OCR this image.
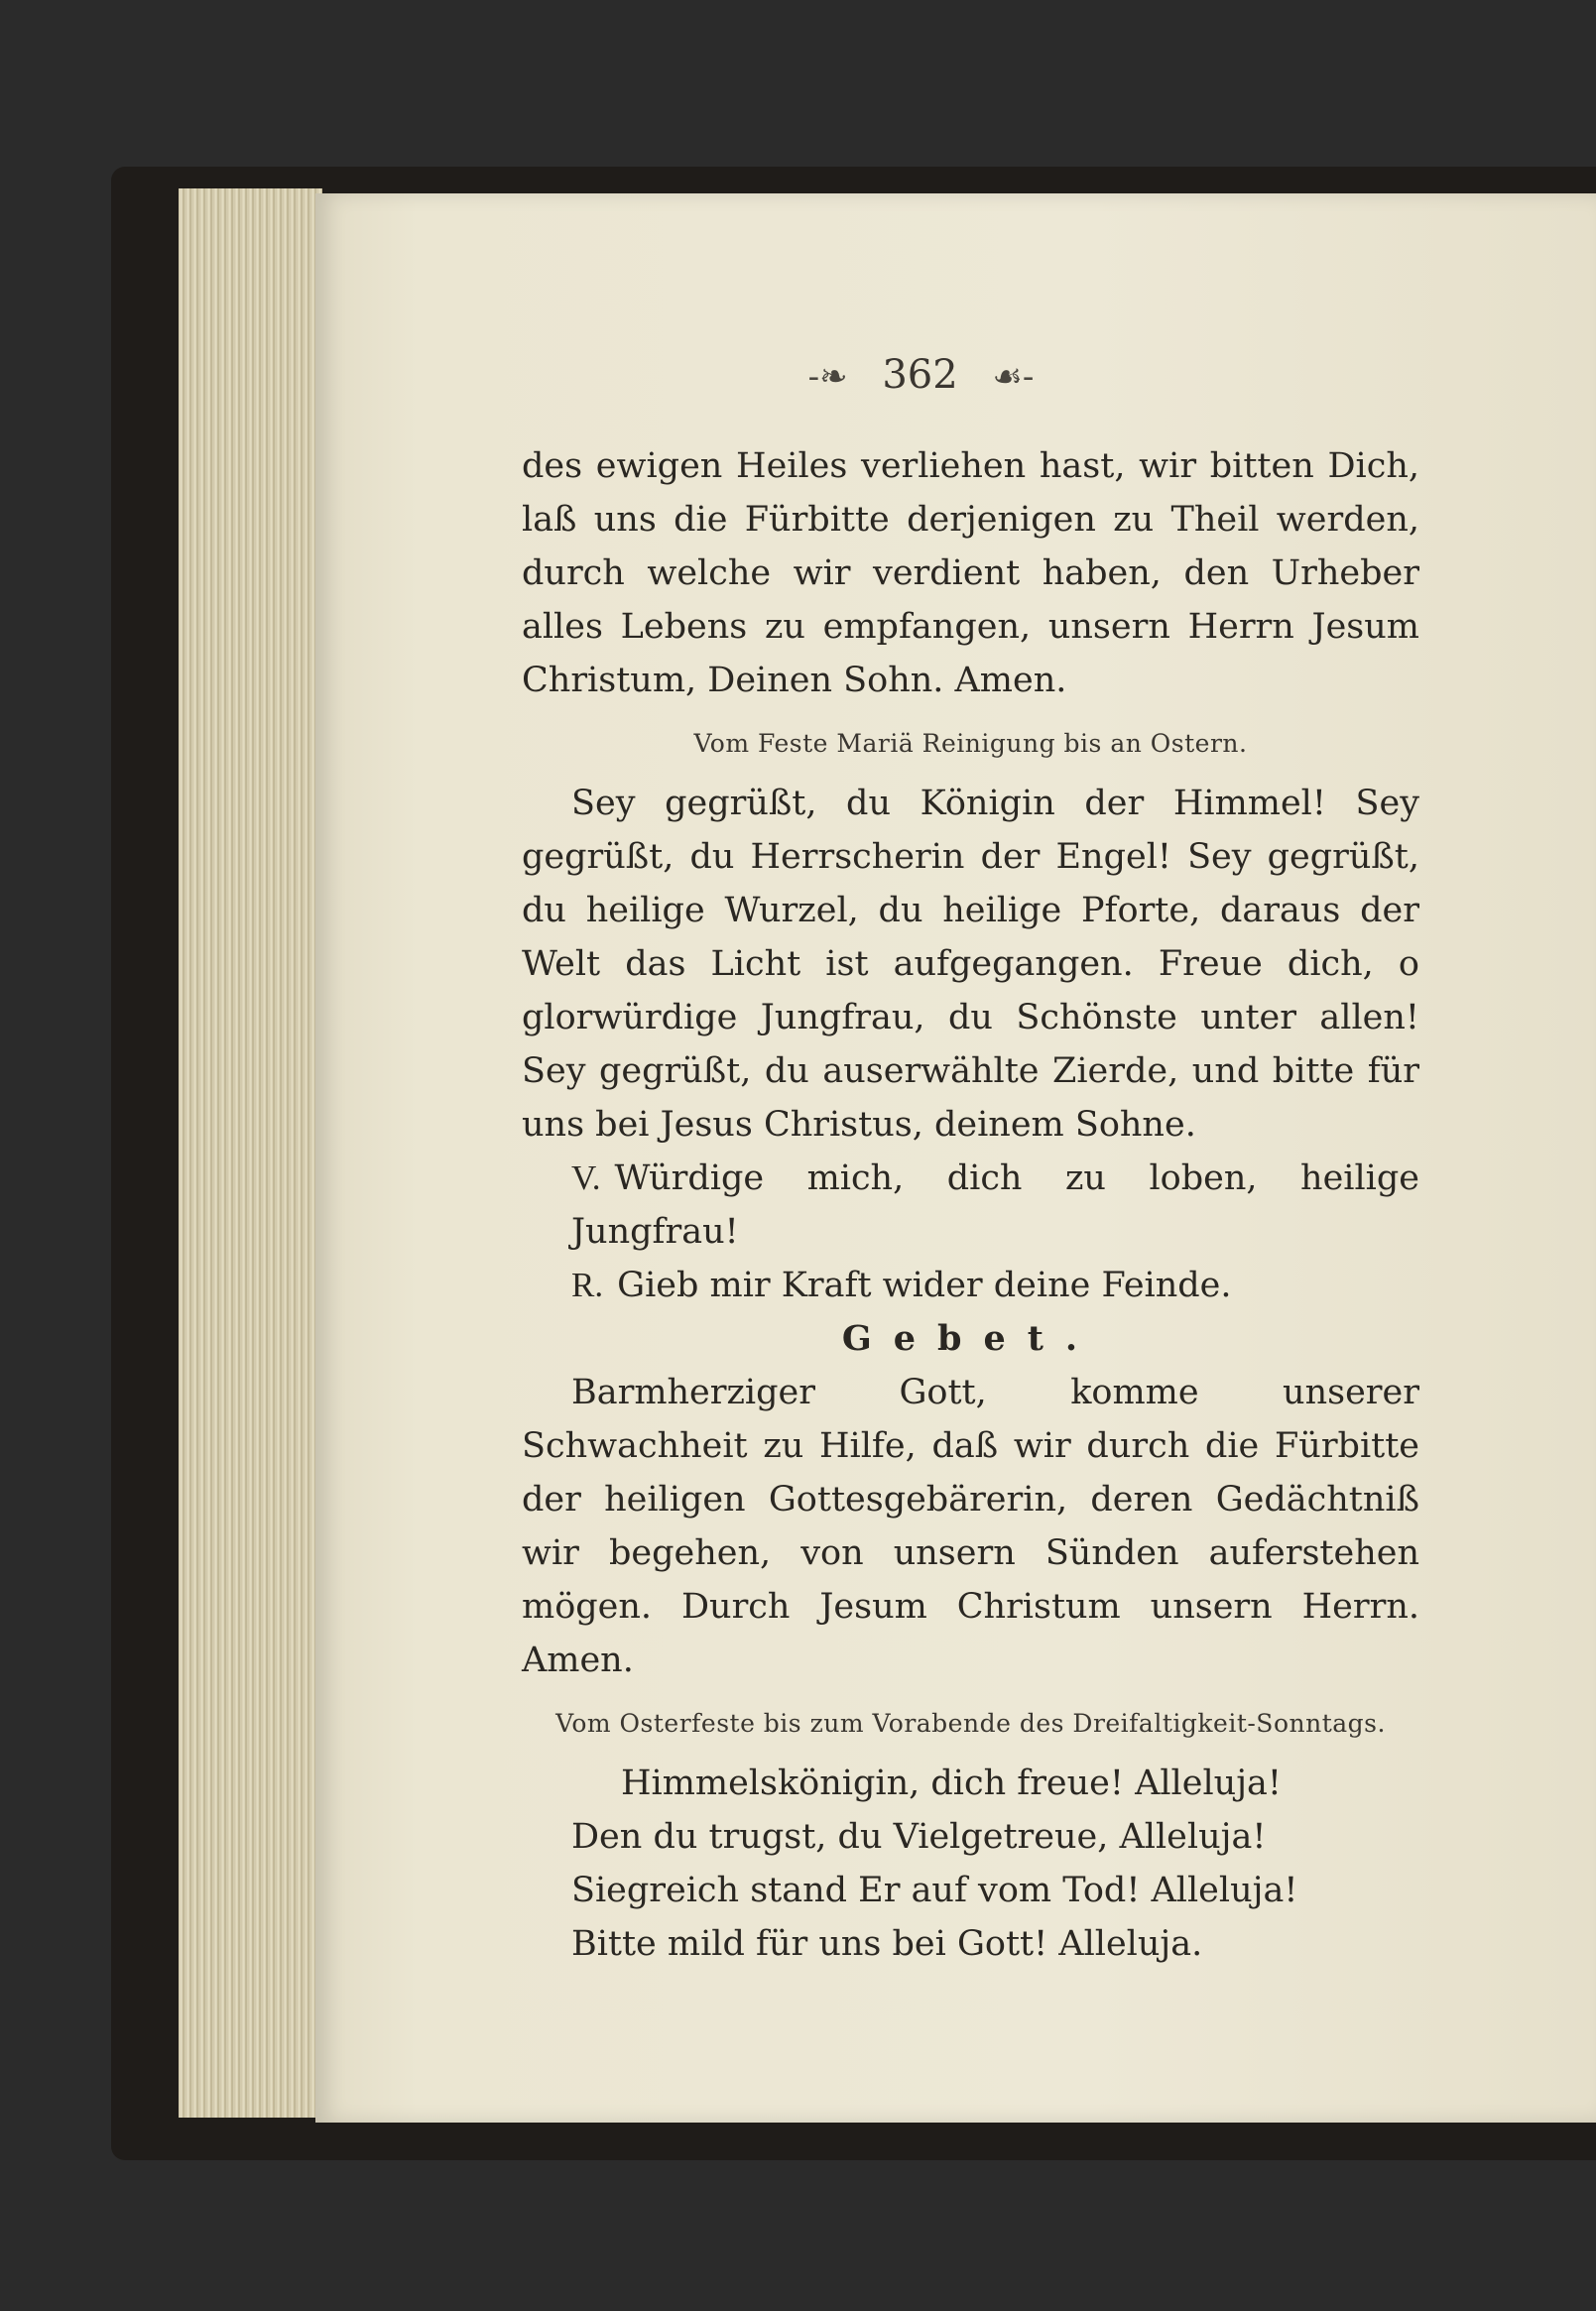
-❧ 362 ☙-

des ewigen Heiles verliehen hast, wir bitten Dich, laß uns die Fürbitte derjenigen zu Theil werden, durch welche wir verdient haben, den Urheber alles Lebens zu empfangen, unsern Herrn Jesum Christum, Deinen Sohn. Amen.

Vom Feste Mariä Reinigung bis an Ostern.

Sey gegrüßt, du Königin der Himmel! Sey gegrüßt, du Herrscherin der Engel! Sey gegrüßt, du heilige Wurzel, du heilige Pforte, daraus der Welt das Licht ist aufgegangen. Freue dich, o glorwürdige Jungfrau, du Schönste unter allen! Sey gegrüßt, du auserwählte Zierde, und bitte für uns bei Jesus Christus, deinem Sohne.

V. Würdige mich, dich zu loben, heilige Jungfrau!

R. Gieb mir Kraft wider deine Feinde.

Gebet.

Barmherziger Gott, komme unserer Schwachheit zu Hilfe, daß wir durch die Fürbitte der heiligen Gottesgebärerin, deren Gedächtniß wir begehen, von unsern Sünden auferstehen mögen. Durch Jesum Christum unsern Herrn. Amen.

Vom Osterfeste bis zum Vorabende des Dreifaltigkeit-Sonntags.

Himmelskönigin, dich freue! Alleluja!

Den du trugst, du Vielgetreue, Alleluja!

Siegreich stand Er auf vom Tod! Alleluja!

Bitte mild für uns bei Gott! Alleluja.
